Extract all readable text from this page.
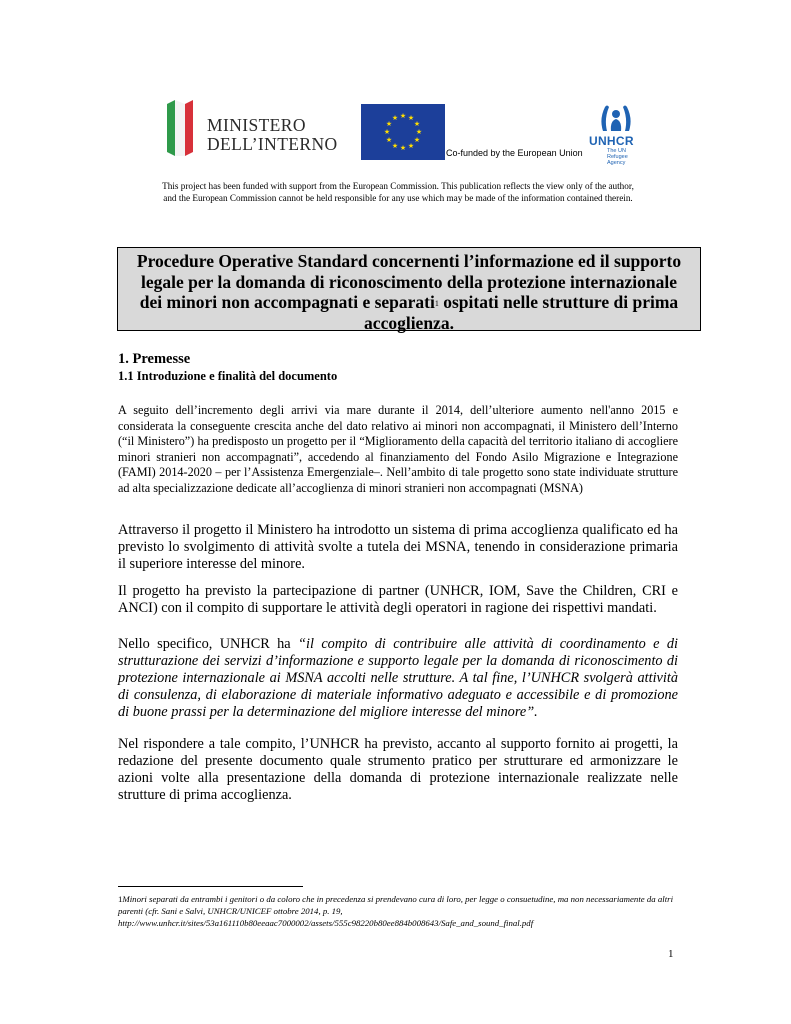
MINISTERO
DELL’INTERNO
★ ★
★
★
★
★
★
★
★
★
★
★
Co-funded by the European Union
UNHCR
The UN
Refugee Agency
This project has been funded with support from the European Commission. This publication reflects the view only of the author,
and the European Commission cannot be held responsible for any use which may be made of the information contained therein.
Procedure Operative Standard concernenti l’informazione ed il supporto
legale per la domanda di riconoscimento della protezione internazionale
dei minori non accompagnati e separati$^1$ ospitati nelle strutture di prima
accoglienza.
1. Premesse
1.1 Introduzione e finalità del documento
A seguito dell’incremento degli arrivi via mare durante il 2014, dell’ulteriore aumento nell'anno 2015 e considerata la conseguente crescita anche del dato relativo ai minori non accompagnati, il Ministero dell’Interno (“il Ministero”) ha predisposto un progetto per il “Miglioramento della capacità del territorio italiano di accogliere minori stranieri non accompagnati”, accedendo al finanziamento del Fondo Asilo Migrazione e Integrazione (FAMI) 2014-2020 – per l’Assistenza Emergenziale–. Nell’ambito di tale progetto sono state individuate strutture ad alta specializzazione dedicate all’accoglienza di minori stranieri non accompagnati (MSNA)
Attraverso il progetto il Ministero ha introdotto un sistema di prima accoglienza qualificato ed ha previsto lo svolgimento di attività svolte a tutela dei MSNA, tenendo in considerazione primaria il superiore interesse del minore.
Il progetto ha previsto la partecipazione di partner (UNHCR, IOM, Save the Children, CRI e ANCI) con il compito di supportare le attività degli operatori in ragione dei rispettivi mandati.
Nello specifico, UNHCR ha “il compito di contribuire alle attività di coordinamento e di strutturazione dei servizi d’informazione e supporto legale per la domanda di riconoscimento di protezione internazionale ai MSNA accolti nelle strutture. A tal fine, l’UNHCR svolgerà attività di consulenza, di elaborazione di materiale informativo adeguato e accessibile e di promozione di buone prassi per la determinazione del migliore interesse del minore”.
Nel rispondere a tale compito, l’UNHCR ha previsto, accanto al supporto fornito ai progetti, la redazione del presente documento quale strumento pratico per strutturare ed armonizzare le azioni volte alla presentazione della domanda di protezione internazionale realizzate nelle strutture di prima accoglienza.
1Minori separati da entrambi i genitori o da coloro che in precedenza si prendevano cura di loro, per legge o consuetudine, ma non necessariamente da altri parenti (cfr. Sani e Salvi, UNHCR/UNICEF ottobre 2014, p. 19, http://www.unhcr.it/sites/53a161110b80eeaac7000002/assets/555c98220b80ee884b008643/Safe_and_sound_final.pdf
1
